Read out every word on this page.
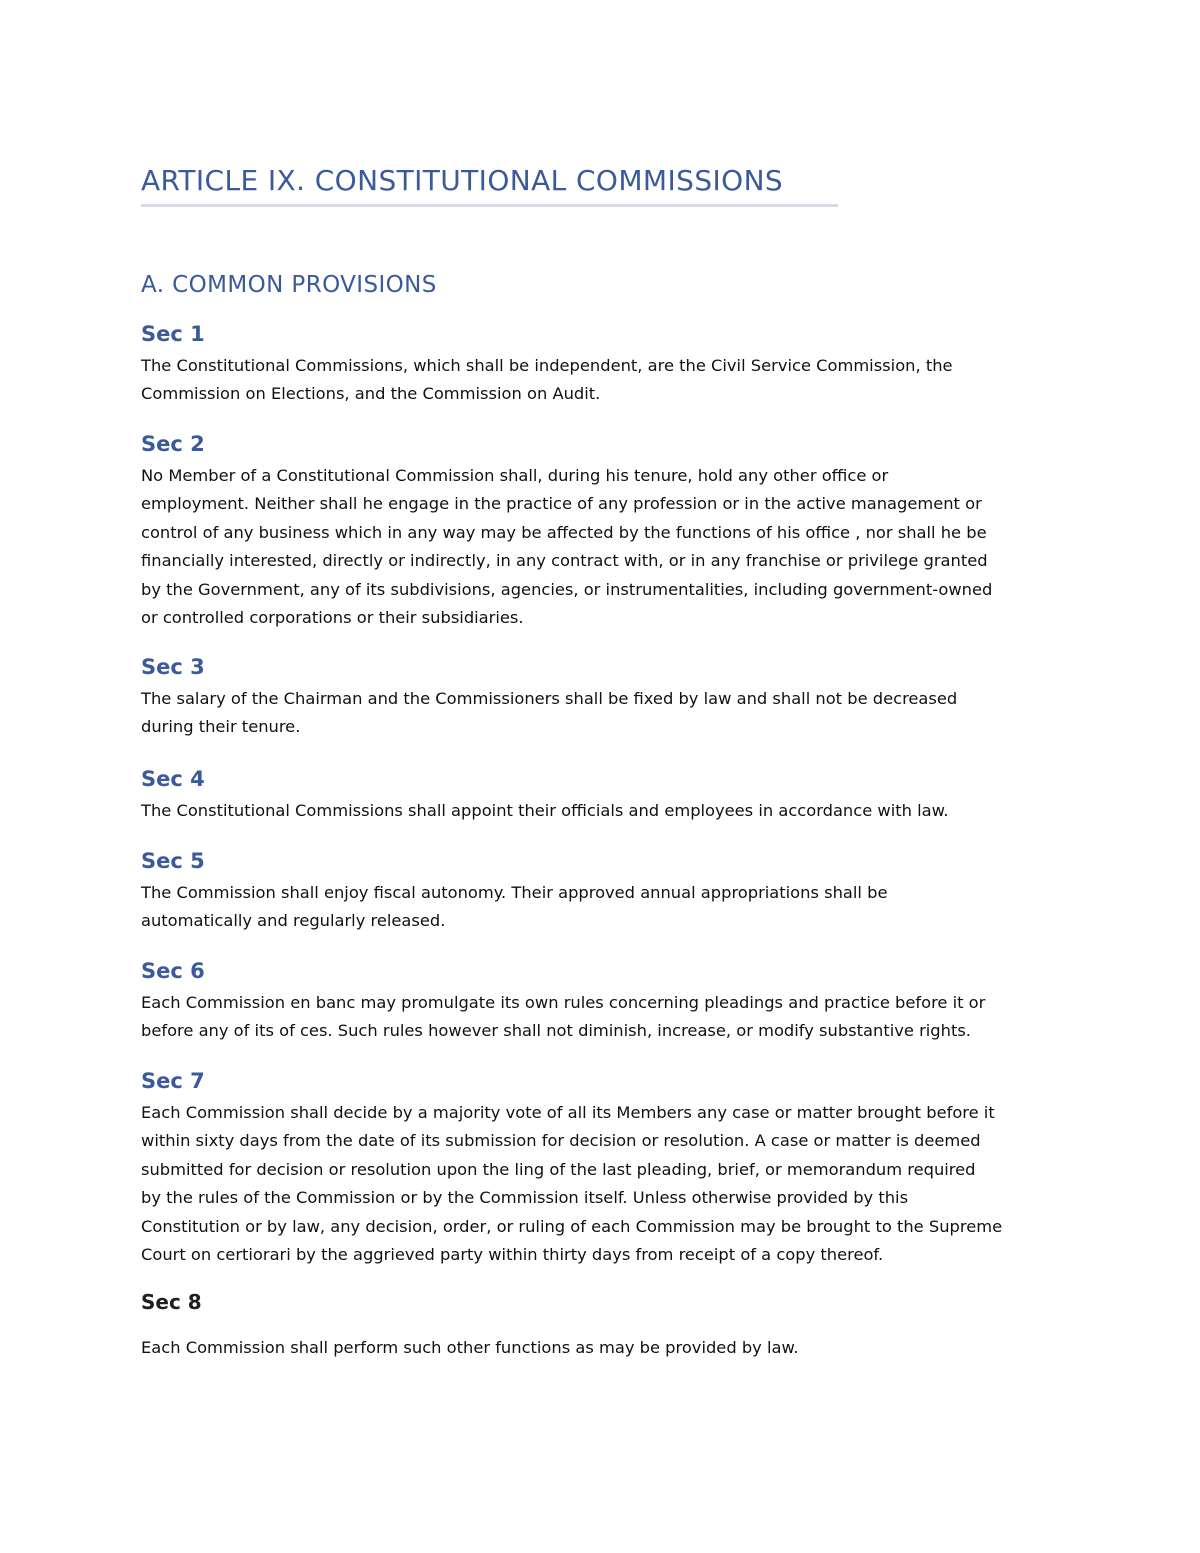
ARTICLE IX. CONSTITUTIONAL COMMISSIONS
A. COMMON PROVISIONS
Sec 1

The Constitutional Commissions, which shall be independent, are the Civil Service Commission, the
Commission on Elections, and the Commission on Audit.

Sec 2

No Member of a Constitutional Commission shall, during his tenure, hold any other office or
employment. Neither shall he engage in the practice of any profession or in the active management or
control of any business which in any way may be affected by the functions of his office , nor shall he be
financially interested, directly or indirectly, in any contract with, or in any franchise or privilege granted
by the Government, any of its subdivisions, agencies, or instrumentalities, including government-owned
or controlled corporations or their subsidiaries.

Sec 3

The salary of the Chairman and the Commissioners shall be fixed by law and shall not be decreased
during their tenure.

Sec 4

The Constitutional Commissions shall appoint their officials and employees in accordance with law.

Sec 5

The Commission shall enjoy fiscal autonomy. Their approved annual appropriations shall be
automatically and regularly released.

Sec 6

Each Commission en banc may promulgate its own rules concerning pleadings and practice before it or
before any of its of ces. Such rules however shall not diminish, increase, or modify substantive rights.

Sec 7

Each Commission shall decide by a majority vote of all its Members any case or matter brought before it
within sixty days from the date of its submission for decision or resolution. A case or matter is deemed
submitted for decision or resolution upon the ling of the last pleading, brief, or memorandum required
by the rules of the Commission or by the Commission itself. Unless otherwise provided by this
Constitution or by law, any decision, order, or ruling of each Commission may be brought to the Supreme
Court on certiorari by the aggrieved party within thirty days from receipt of a copy thereof.

Sec 8

Each Commission shall perform such other functions as may be provided by law.
